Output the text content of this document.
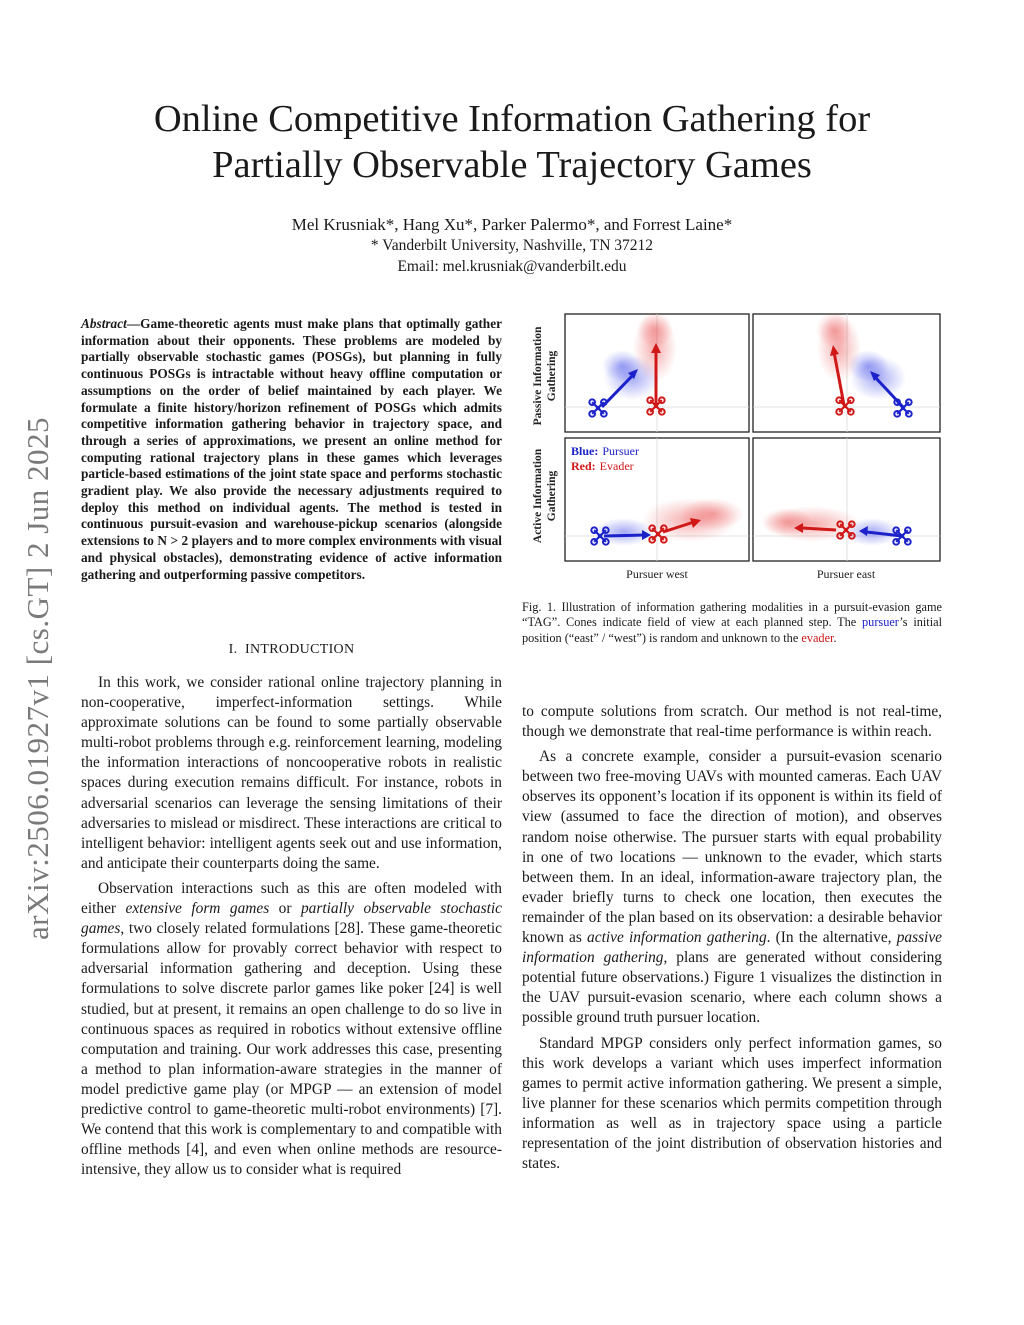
arXiv:2506.01927v1 [cs.GT] 2 Jun 2025
Online Competitive Information Gathering for
Partially Observable Trajectory Games
Mel Krusniak*, Hang Xu*, Parker Palermo*, and Forrest Laine*
* Vanderbilt University, Nashville, TN 37212
Email: mel.krusniak@vanderbilt.edu

Abstract—Game-theoretic agents must make plans that optimally gather information about their opponents. These problems are modeled by partially observable stochastic games (POSGs), but planning in fully continuous POSGs is intractable without heavy offline computation or assumptions on the order of belief maintained by each player. We formulate a finite history/horizon refinement of POSGs which admits competitive information gathering behavior in trajectory space, and through a series of approximations, we present an online method for computing rational trajectory plans in these games which leverages particle-based estimations of the joint state space and performs stochastic gradient play. We also provide the necessary adjustments required to deploy this method on individual agents. The method is tested in continuous pursuit-evasion and warehouse-pickup scenarios (alongside extensions to N > 2 players and to more complex environments with visual and physical obstacles), demonstrating evidence of active information gathering and outperforming passive competitors.

I. INTRODUCTION

In this work, we consider rational online trajectory planning in non-cooperative, imperfect-information settings. While approximate solutions can be found to some partially observable multi-robot problems through e.g. reinforcement learning, modeling the information interactions of noncooperative robots in realistic spaces during execution remains difficult. For instance, robots in adversarial scenarios can leverage the sensing limitations of their adversaries to mislead or misdirect. These interactions are critical to intelligent behavior: intelligent agents seek out and use information, and anticipate their counterparts doing the same.

Observation interactions such as this are often modeled with either extensive form games or partially observable stochastic games, two closely related formulations [28]. These game-theoretic formulations allow for provably correct behavior with respect to adversarial information gathering and deception. Using these formulations to solve discrete parlor games like poker [24] is well studied, but at present, it remains an open challenge to do so live in continuous spaces as required in robotics without extensive offline computation and training. Our work addresses this case, presenting a method to plan information-aware strategies in the manner of model predictive game play (or MPGP — an extension of model predictive control to game-theoretic multi-robot environments) [7]. We contend that this work is complementary to and compatible with offline methods [4], and even when online methods are resource-intensive, they allow us to consider what is required

Passive Information Gathering
Active Information Gathering
Blue: Pursuer Red: Evader
Pursuer west	Pursuer east
Fig. 1. Illustration of information gathering modalities in a pursuit-evasion game “TAG”. Cones indicate field of view at each planned step. The pursuer’s initial position (“east” / “west”) is random and unknown to the evader.

to compute solutions from scratch. Our method is not real-time, though we demonstrate that real-time performance is within reach.

As a concrete example, consider a pursuit-evasion scenario between two free-moving UAVs with mounted cameras. Each UAV observes its opponent’s location if its opponent is within its field of view (assumed to face the direction of motion), and observes random noise otherwise. The pursuer starts with equal probability in one of two locations — unknown to the evader, which starts between them. In an ideal, information-aware trajectory plan, the evader briefly turns to check one location, then executes the remainder of the plan based on its observation: a desirable behavior known as active information gathering. (In the alternative, passive information gathering, plans are generated without considering potential future observations.) Figure 1 visualizes the distinction in the UAV pursuit-evasion scenario, where each column shows a possible ground truth pursuer location.

Standard MPGP considers only perfect information games, so this work develops a variant which uses imperfect information games to permit active information gathering. We present a simple, live planner for these scenarios which permits competition through information as well as in trajectory space using a particle representation of the joint distribution of observation histories and states.
